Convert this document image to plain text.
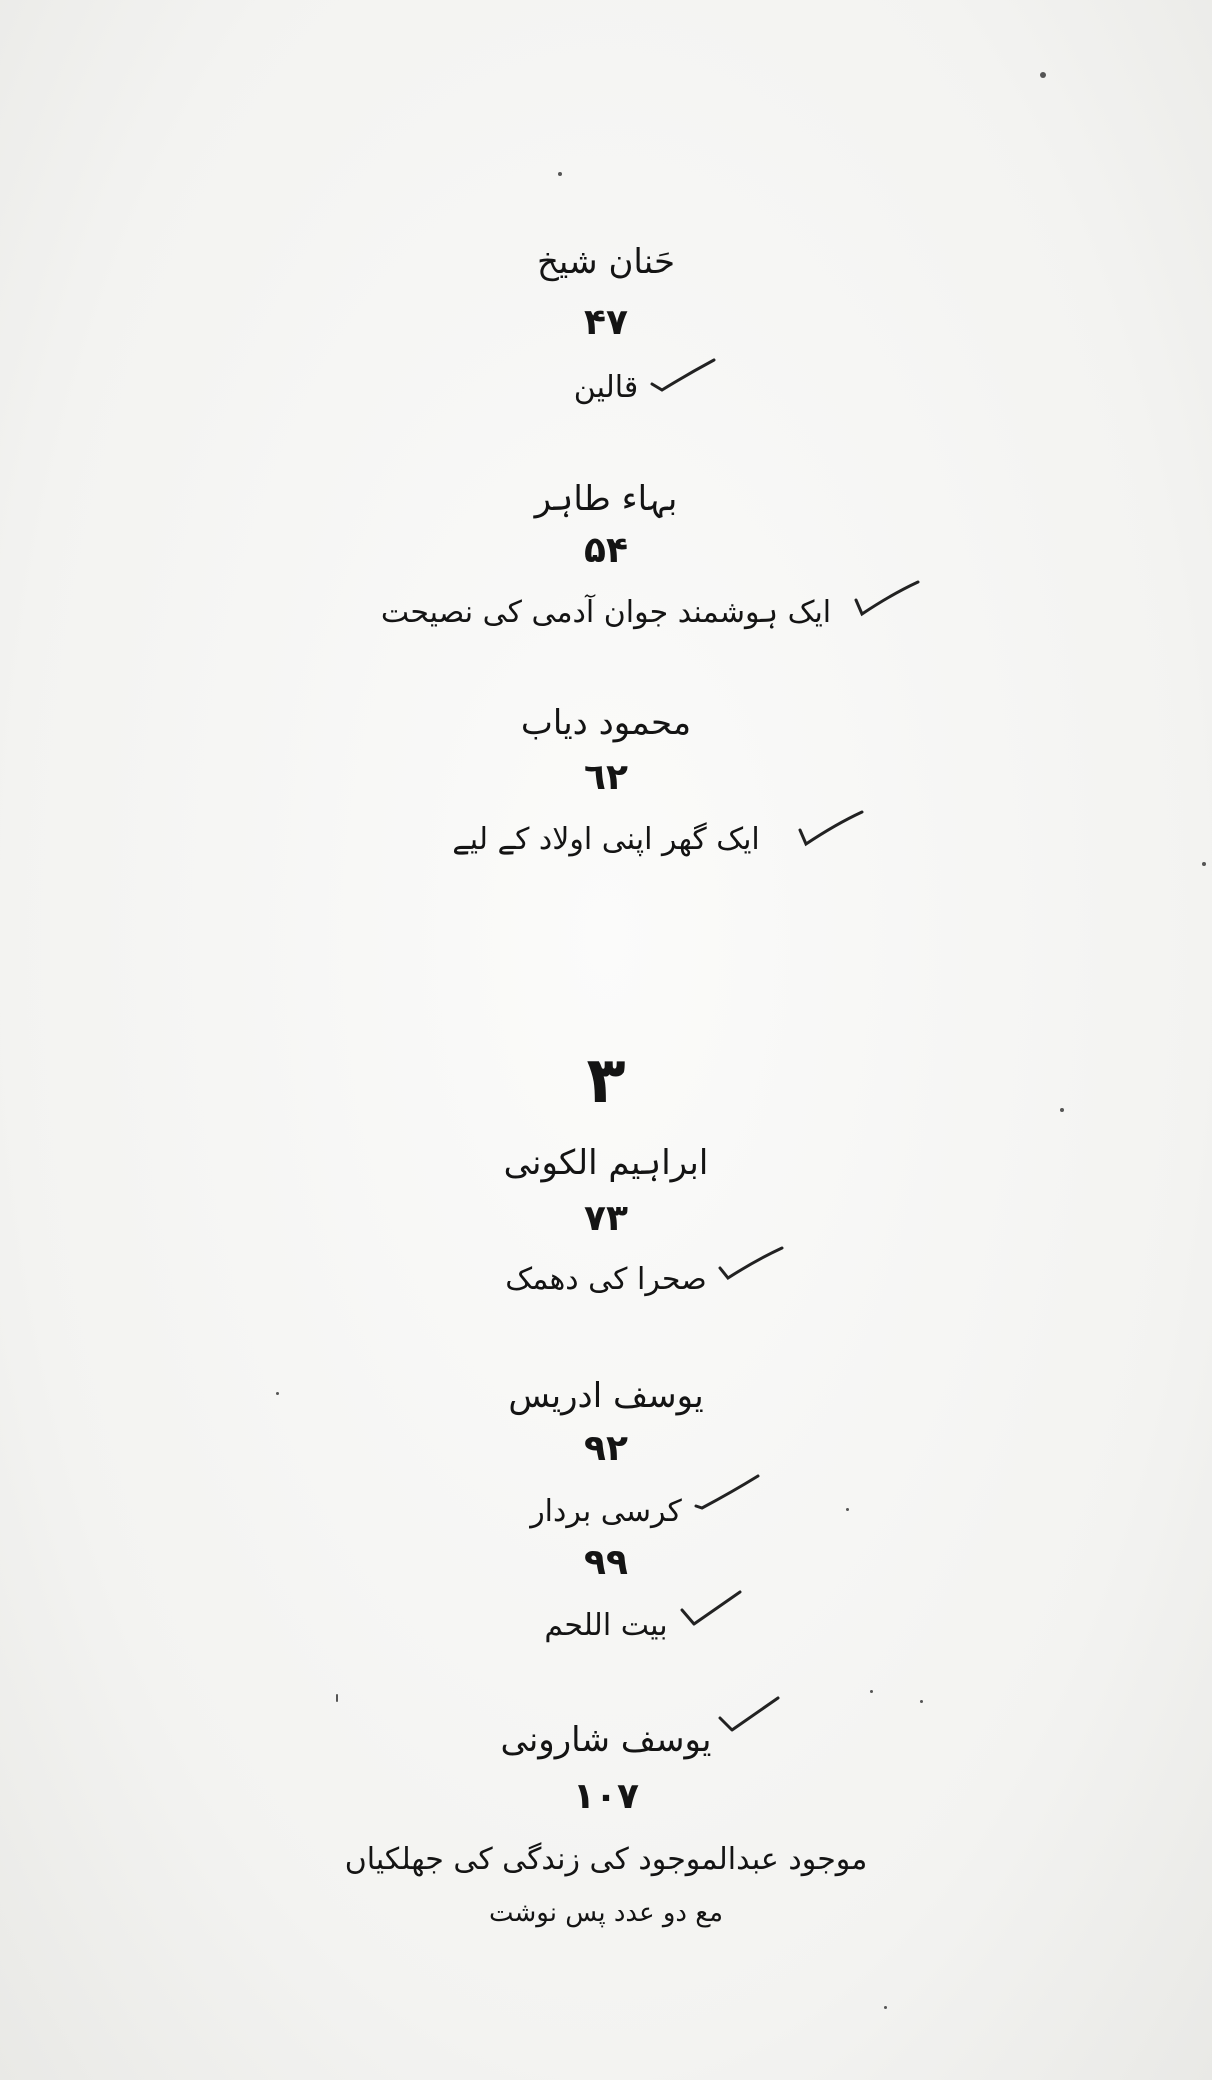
حَنان شیخ
۴۷
قالین
بہاء طاہر
۵۴
ایک ہوشمند جوان آدمی کی نصیحت
محمود دیاب
٦٢
ایک گھر اپنی اولاد کے لیے
٣
ابراہیم الکونی
۷٣
صحرا کی دھمک
یوسف ادریس
٩٢
کرسی بردار
٩٩
بیت اللحم
یوسف شارونی
١٠۷
موجود عبدالموجود کی زندگی کی جھلکیاں
مع دو عدد پس نوشت
